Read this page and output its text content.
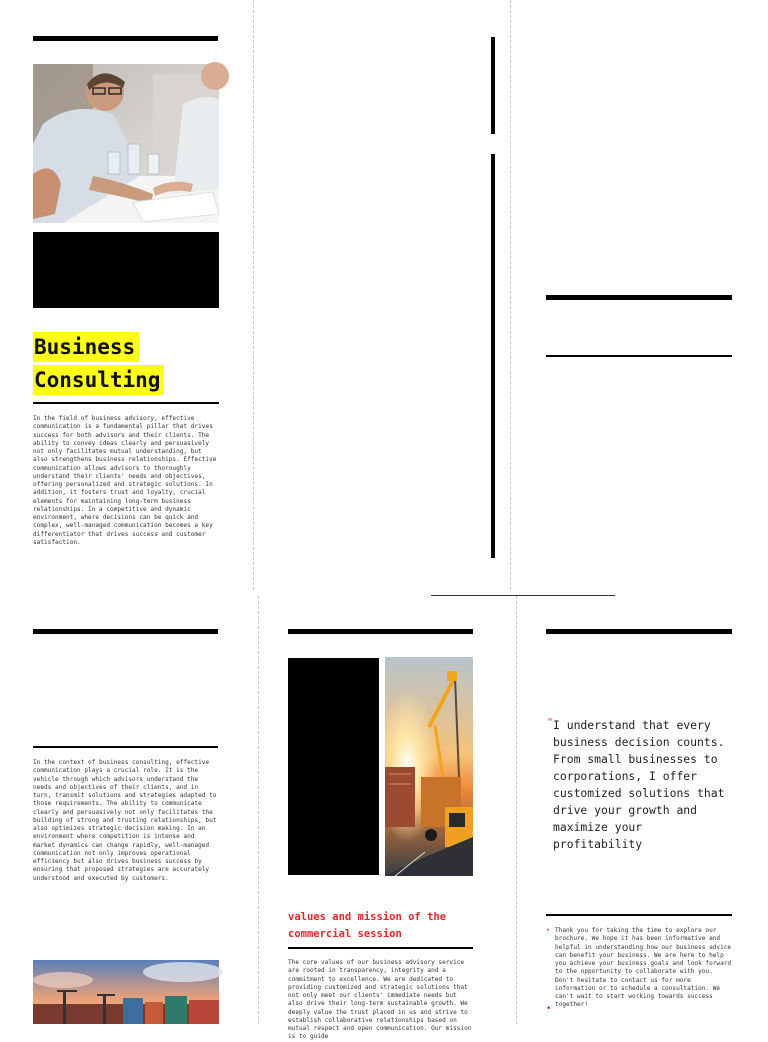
Business
Consulting
In the field of business advisory, effective communication is a fundamental pillar that drives success for both advisors and their clients. The ability to convey ideas clearly and persuasively not only facilitates mutual understanding, but also strengthens business relationships. Effective communication allows advisors to thoroughly understand their clients' needs and objectives, offering personalized and strategic solutions. In addition, it fosters trust and loyalty, crucial elements for maintaining long-term business relationships. In a competitive and dynamic environment, where decisions can be quick and complex, well-managed communication becomes a key differentiator that drives success and customer satisfaction.
In the context of business consulting, effective communication plays a crucial role. It is the vehicle through which advisors understand the needs and objectives of their clients, and in turn, transmit solutions and strategies adapted to those requirements. The ability to communicate clearly and persuasively not only facilitates the building of strong and trusting relationships, but also optimizes strategic decision making. In an environment where competition is intense and market dynamics can change rapidly, well-managed communication not only improves operational efficiency but also drives business success by ensuring that proposed strategies are accurately understood and executed by customers.
values and mission of the
commercial session
The core values of our business advisory service are rooted in transparency, integrity and a commitment to excellence. We are dedicated to providing customized and strategic solutions that not only meet our clients' immediate needs but also drive their long-term sustainable growth. We deeply value the trust placed in us and strive to establish collaborative relationships based on mutual respect and open communication. Our mission is to guide
" I understand that every business decision counts. From small businesses to corporations, I offer customized solutions that drive your growth and maximize your profitability
• Thank you for taking the time to explore our brochure. We hope it has been informative and helpful in understanding how our business advice can benefit your business. We are here to help you achieve your business goals and look forward to the opportunity to collaborate with you. Don't hesitate to contact us for more information or to schedule a consultation. We can't wait to start working towards success together!
•
